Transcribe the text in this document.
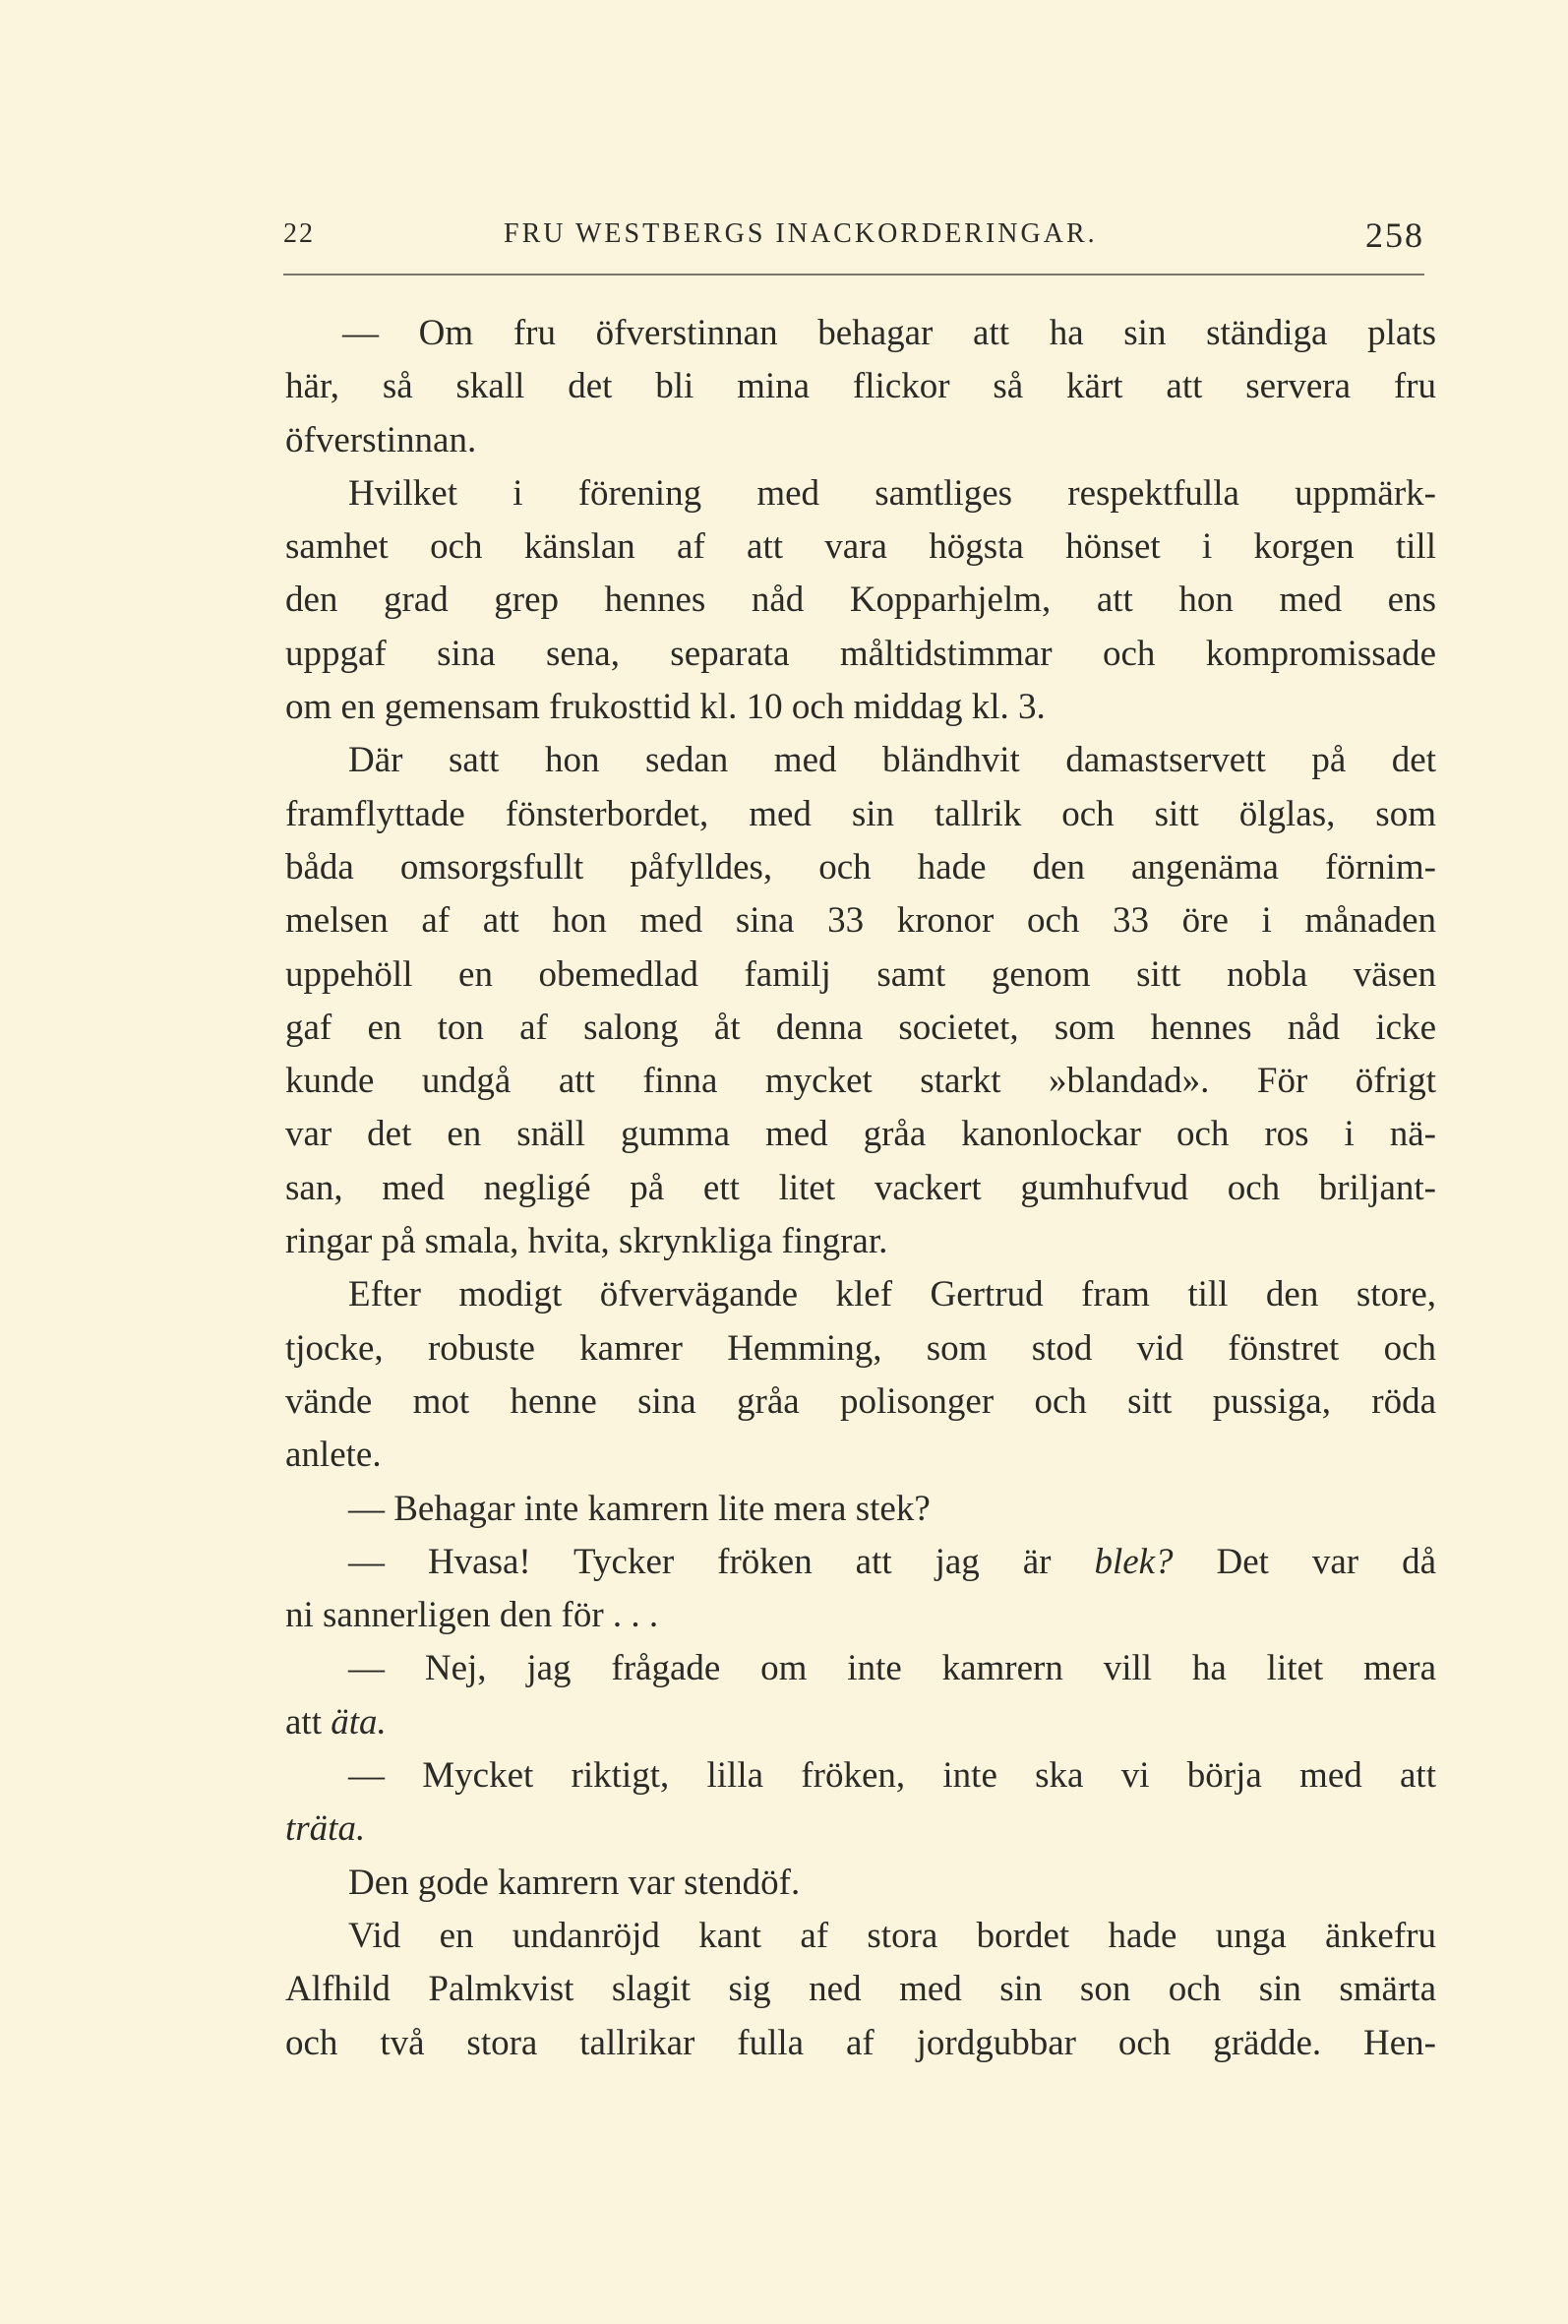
22	FRU WESTBERGS INACKORDERINGAR.	258
— Om fru öfverstinnan behagar att ha sin ständiga plats
här, så skall det bli mina flickor så kärt att servera fru
öfverstinnan.
Hvilket i förening med samtliges respektfulla uppmärk-
samhet och känslan af att vara högsta hönset i korgen till
den grad grep hennes nåd Kopparhjelm, att hon med ens
uppgaf sina sena, separata måltidstimmar och kompromissade
om en gemensam frukosttid kl. 10 och middag kl. 3.
Där satt hon sedan med bländhvit damastservett på det
framflyttade fönsterbordet, med sin tallrik och sitt ölglas, som
båda omsorgsfullt påfylldes, och hade den angenäma förnim-
melsen af att hon med sina 33 kronor och 33 öre i månaden
uppehöll en obemedlad familj samt genom sitt nobla väsen
gaf en ton af salong åt denna societet, som hennes nåd icke
kunde undgå att finna mycket starkt »blandad». För öfrigt
var det en snäll gumma med gråa kanonlockar och ros i nä-
san, med negligé på ett litet vackert gumhufvud och briljant-
ringar på smala, hvita, skrynkliga fingrar.
Efter modigt öfvervägande klef Gertrud fram till den store,
tjocke, robuste kamrer Hemming, som stod vid fönstret och
vände mot henne sina gråa polisonger och sitt pussiga, röda
anlete.
— Behagar inte kamrern lite mera stek?
— Hvasa! Tycker fröken att jag är blek? Det var då
ni sannerligen den för . . .
— Nej, jag frågade om inte kamrern vill ha litet mera
att äta.
— Mycket riktigt, lilla fröken, inte ska vi börja med att
träta.
Den gode kamrern var stendöf.
Vid en undanröjd kant af stora bordet hade unga änkefru
Alfhild Palmkvist slagit sig ned med sin son och sin smärta
och två stora tallrikar fulla af jordgubbar och grädde. Hen-
